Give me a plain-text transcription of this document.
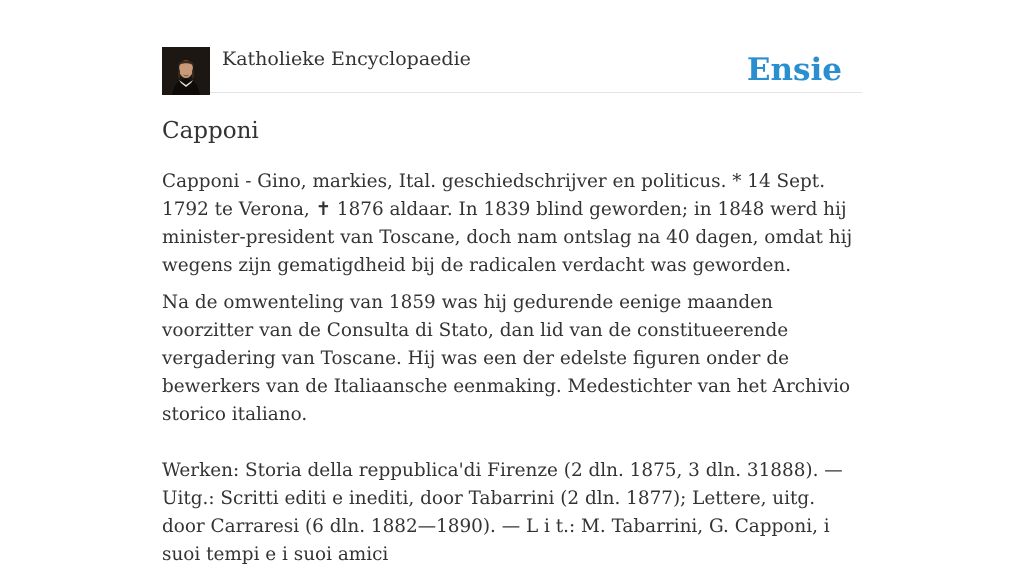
Katholieke Encyclopaedie	Ensie
Capponi

Capponi - Gino, markies, Ital. geschiedschrijver en politicus. * 14 Sept. 1792 te Verona, ✝ 1876 aldaar. In 1839 blind geworden; in 1848 werd hij minister-president van Toscane, doch nam ontslag na 40 dagen, omdat hij wegens zijn gematigdheid bij de radicalen verdacht was geworden.

Na de omwenteling van 1859 was hij gedurende eenige maanden voorzitter van de Consulta di Stato, dan lid van de constitueerende vergadering van Toscane. Hij was een der edelste figuren onder de bewerkers van de Italiaansche eenmaking. Medestichter van het Archivio storico italiano.

Werken: Storia della reppublica'di Firenze (2 dln. 1875, 3 dln. 31888). — Uitg.: Scritti editi e inediti, door Tabarrini (2 dln. 1877); Lettere, uitg. door Carraresi (6 dln. 1882—1890). — L i t.: M. Tabarrini, G. Capponi, i suoi tempi e i suoi amici
